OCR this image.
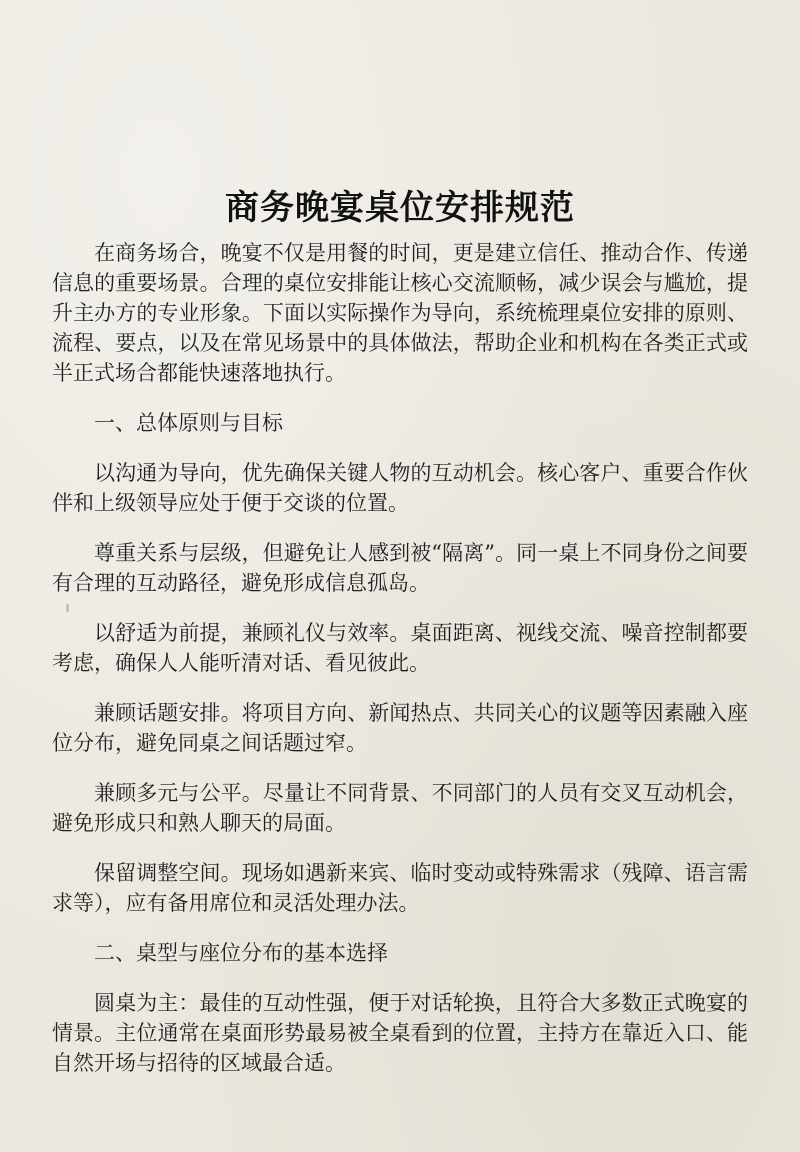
商务晚宴桌位安排规范

在商务场合，晚宴不仅是用餐的时间，更是建立信任、推动合作、传递信息的重要场景。合理的桌位安排能让核心交流顺畅，减少误会与尴尬，提升主办方的专业形象。下面以实际操作为导向，系统梳理桌位安排的原则、流程、要点，以及在常见场景中的具体做法，帮助企业和机构在各类正式或半正式场合都能快速落地执行。

一、总体原则与目标

以沟通为导向，优先确保关键人物的互动机会。核心客户、重要合作伙伴和上级领导应处于便于交谈的位置。

尊重关系与层级，但避免让人感到被“隔离”。同一桌上不同身份之间要有合理的互动路径，避免形成信息孤岛。

以舒适为前提，兼顾礼仪与效率。桌面距离、视线交流、噪音控制都要考虑，确保人人能听清对话、看见彼此。

兼顾话题安排。将项目方向、新闻热点、共同关心的议题等因素融入座位分布，避免同桌之间话题过窄。

兼顾多元与公平。尽量让不同背景、不同部门的人员有交叉互动机会，避免形成只和熟人聊天的局面。

保留调整空间。现场如遇新来宾、临时变动或特殊需求（残障、语言需求等），应有备用席位和灵活处理办法。

二、桌型与座位分布的基本选择

圆桌为主：最佳的互动性强，便于对话轮换，且符合大多数正式晚宴的情景。主位通常在桌面形势最易被全桌看到的位置，主持方在靠近入口、能自然开场与招待的区域最合适。
